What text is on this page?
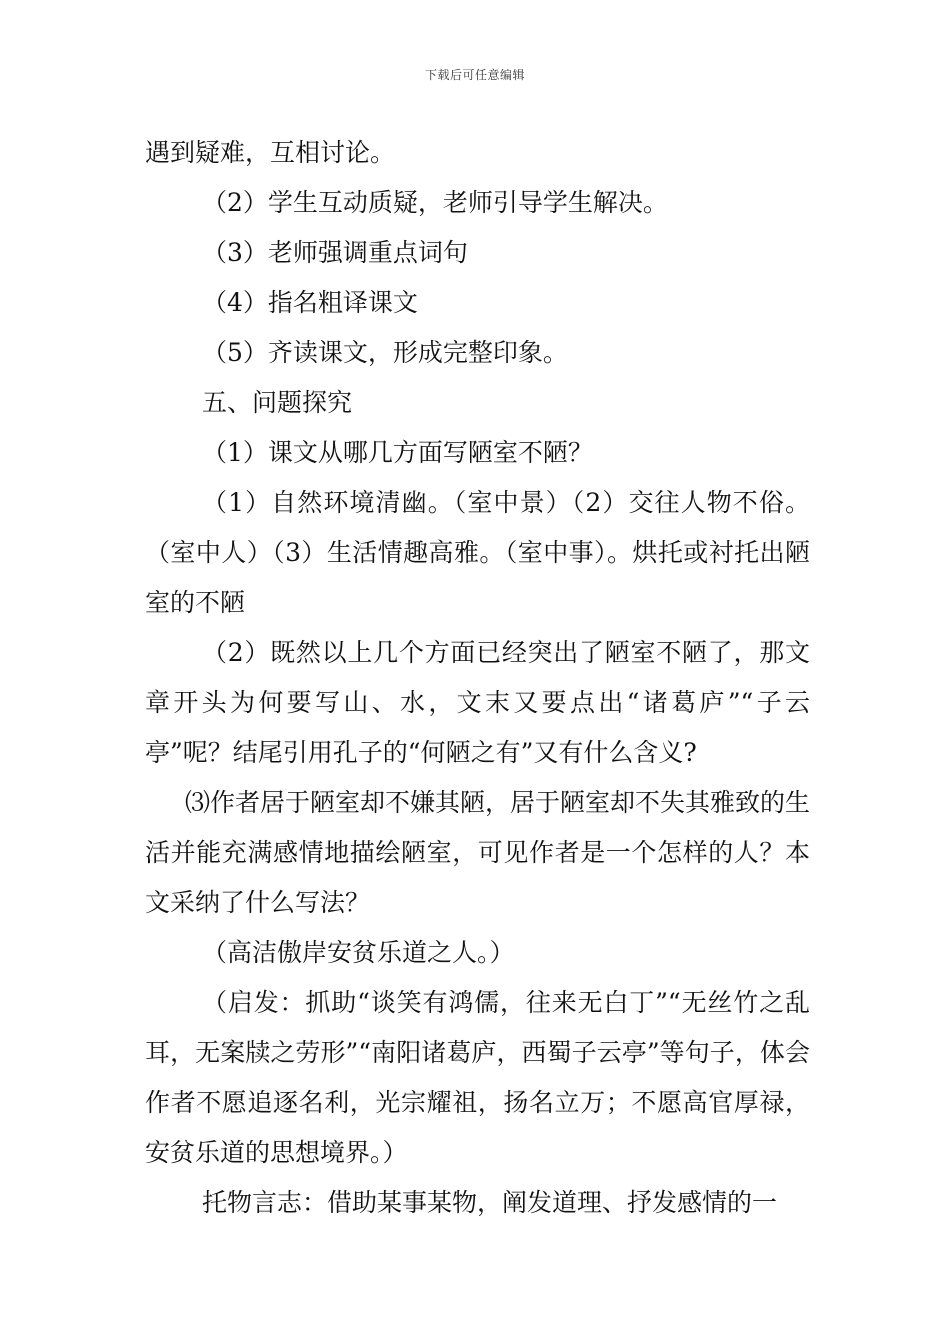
下载后可任意编辑

遇到疑难，互相讨论。

（2）学生互动质疑，老师引导学生解决。

（3）老师强调重点词句

（4）指名粗译课文

（5）齐读课文，形成完整印象。

五、问题探究

（1）课文从哪几方面写陋室不陋？

（1）自然环境清幽。（室中景）（2）交往人物不俗。（室中人）（3）生活情趣高雅。（室中事）。烘托或衬托出陋室的不陋

（2）既然以上几个方面已经突出了陋室不陋了，那文章开头为何要写山、水，文末又要点出“诸葛庐”“子云亭”呢？结尾引用孔子的“何陋之有”又有什么含义?

⑶作者居于陋室却不嫌其陋，居于陋室却不失其雅致的生活并能充满感情地描绘陋室，可见作者是一个怎样的人？本文采纳了什么写法？

（高洁傲岸安贫乐道之人。）

（启发：抓助“谈笑有鸿儒，往来无白丁”“无丝竹之乱耳，无案牍之劳形”“南阳诸葛庐，西蜀子云亭”等句子，体会作者不愿追逐名利，光宗耀祖，扬名立万；不愿高官厚禄，安贫乐道的思想境界。）

托物言志：借助某事某物，阐发道理、抒发感情的一
